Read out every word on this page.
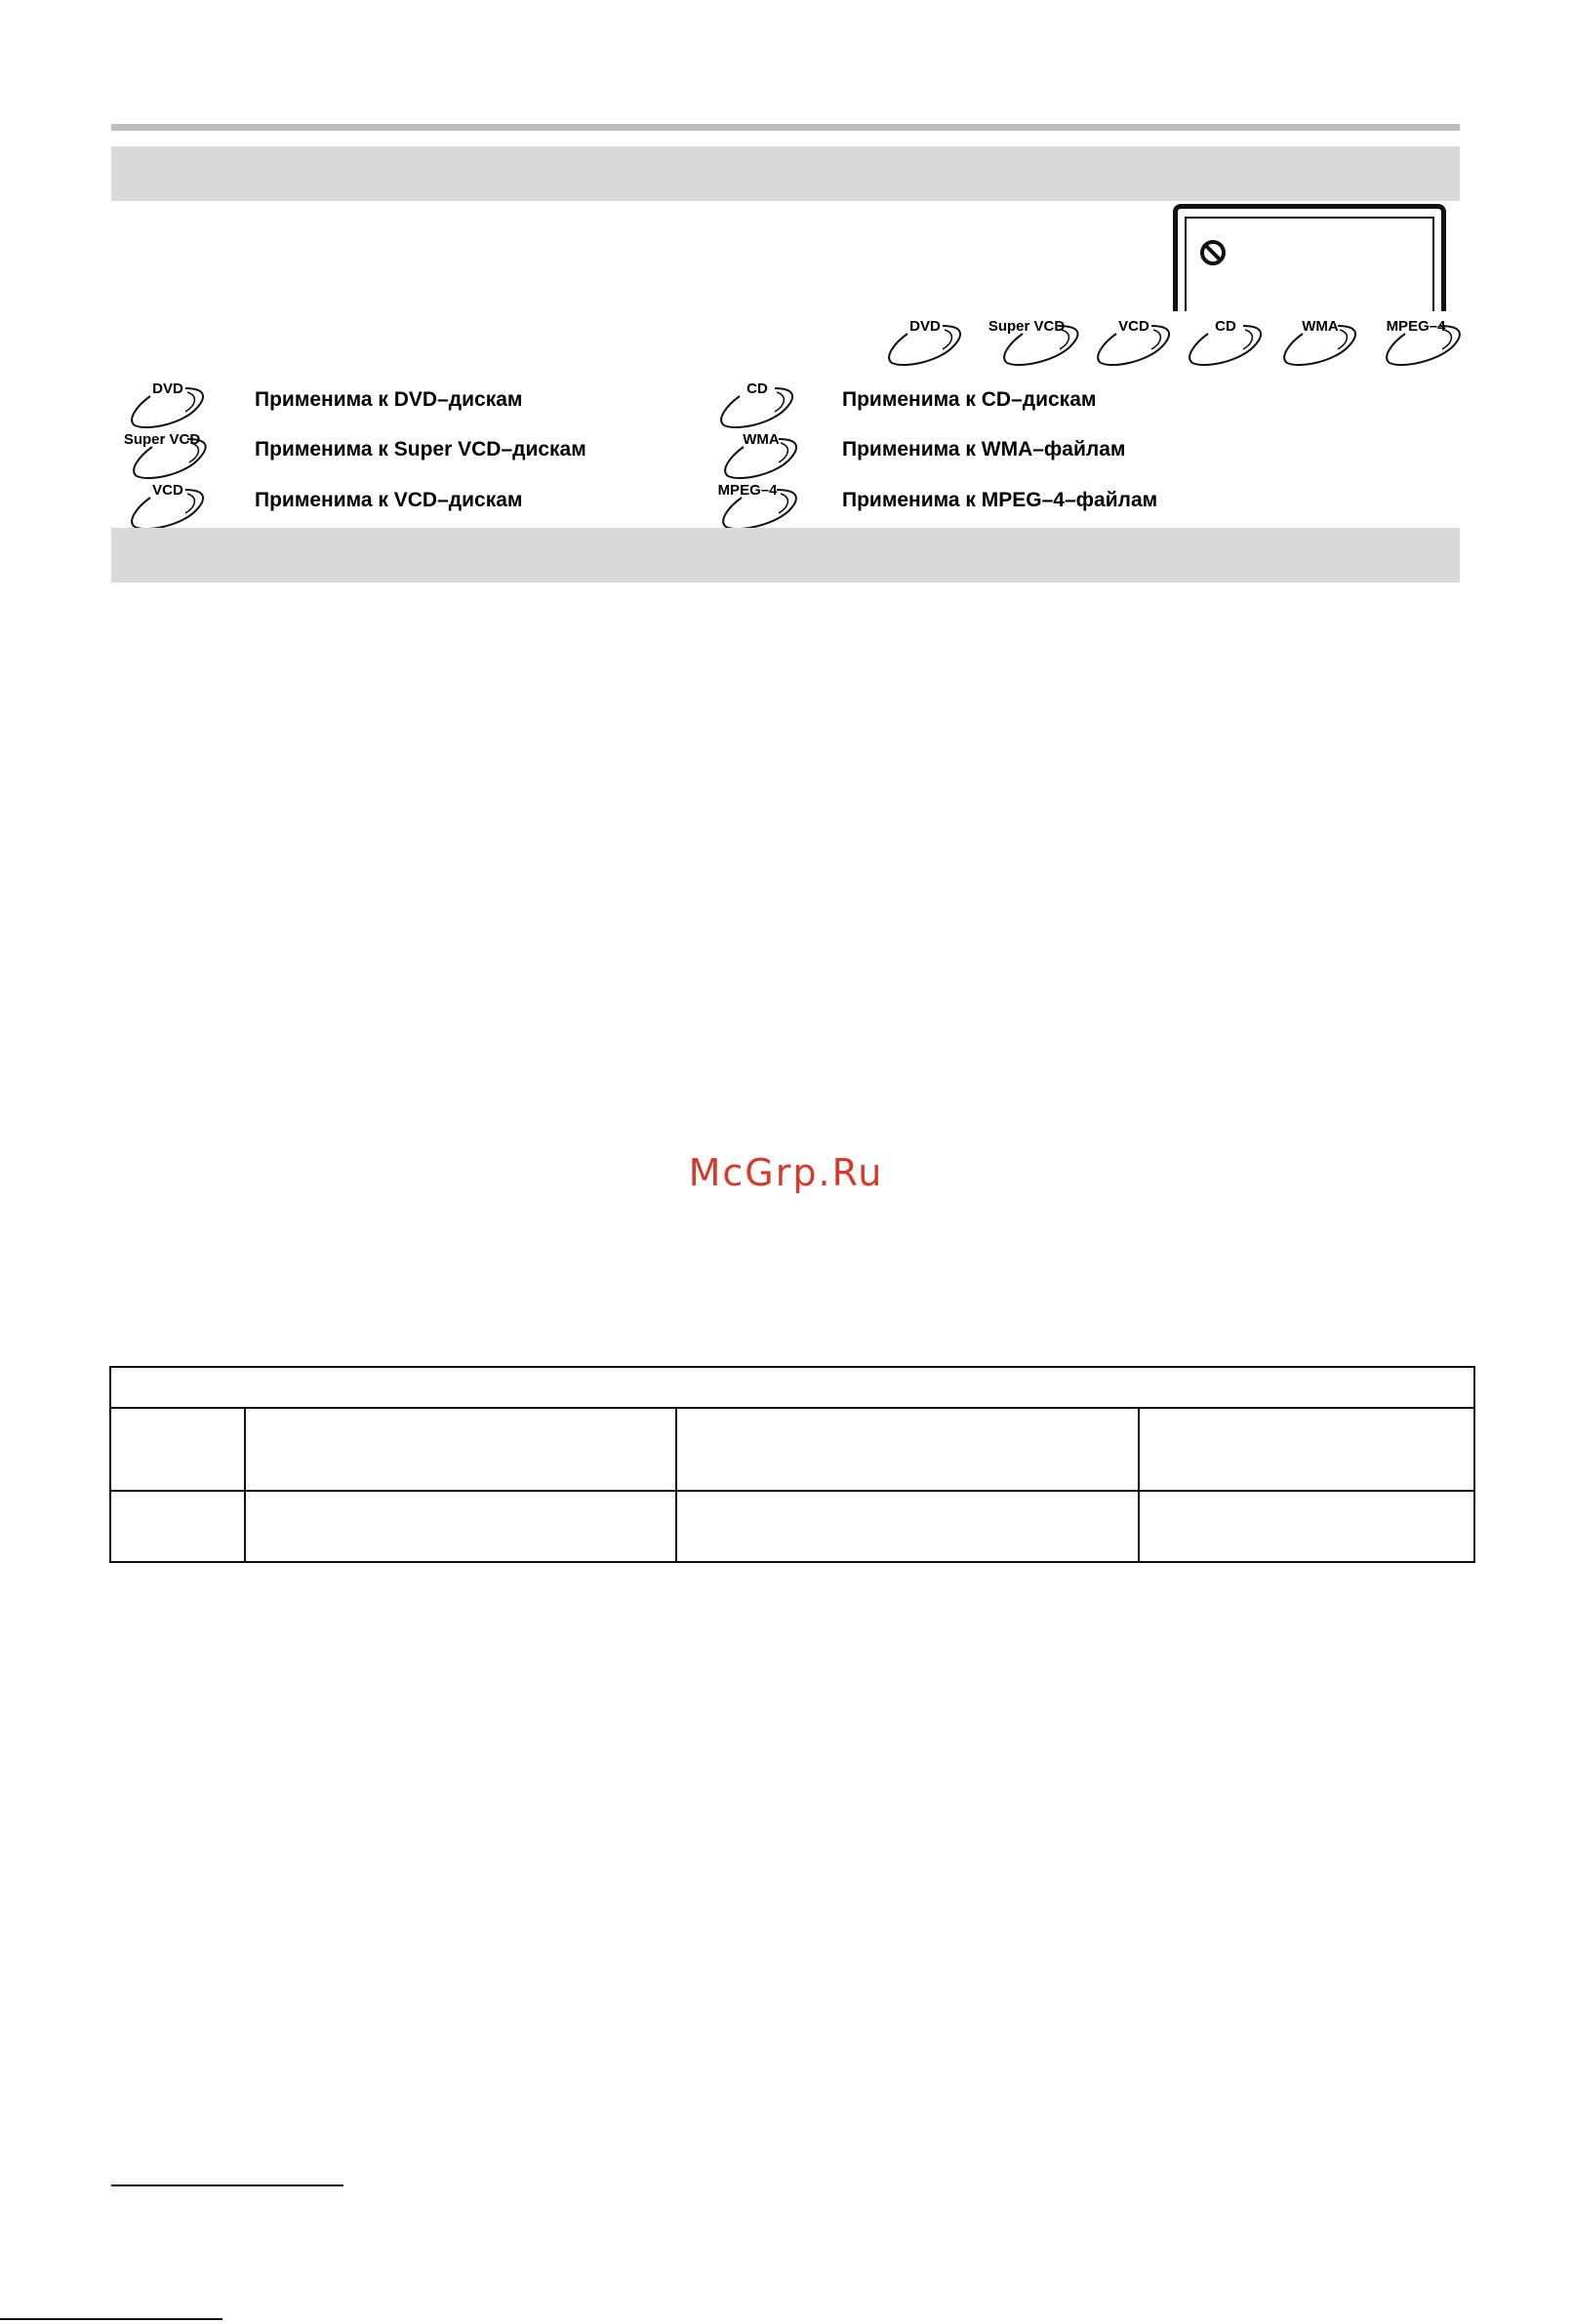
DVD	Super VCD	VCD	CD	WMA	MPEG–4
DVD	Применима к DVD–дискам
Super VCD	Применима к Super VCD–дискам
VCD	Применима к VCD–дискам
CD	Применима к CD–дискам
WMA	Применима к WMA–файлам
MPEG–4	Применима к MPEG–4–файлам
McGrp.Ru
